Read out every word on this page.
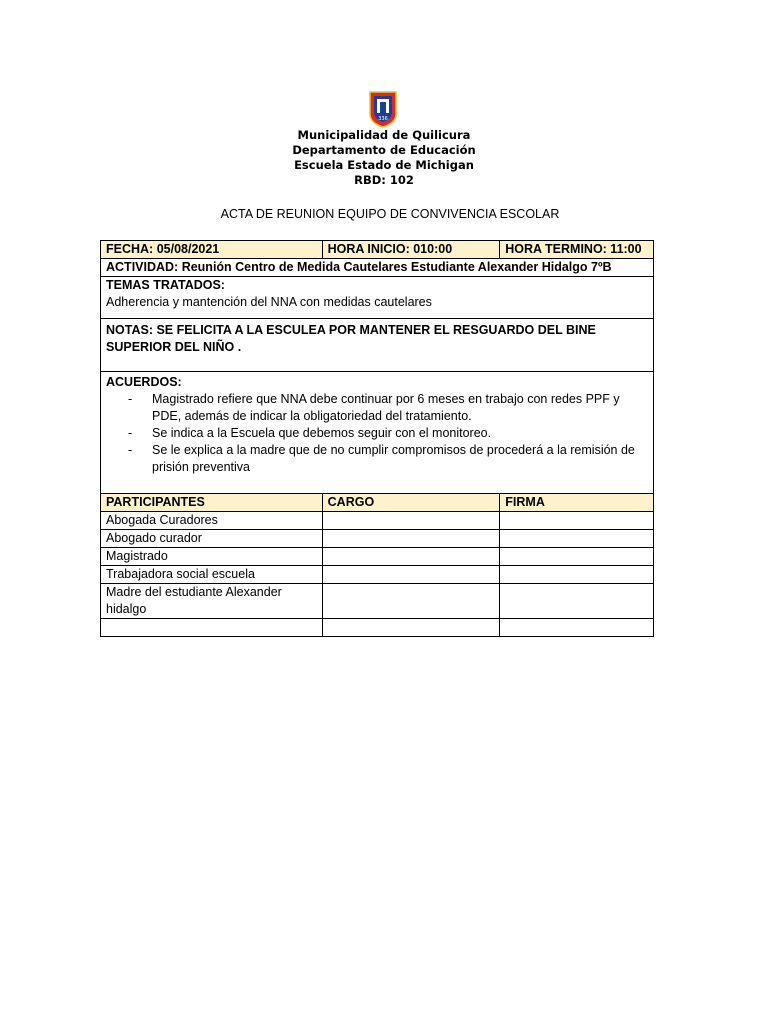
336
Municipalidad de Quilicura
Departamento de Educación
Escuela Estado de Michigan
RBD: 102
ACTA DE REUNION EQUIPO DE CONVIVENCIA ESCOLAR
FECHA: 05/08/2021	HORA INICIO: 010:00	HORA TERMINO: 11:00
ACTIVIDAD: Reunión Centro de Medida Cautelares Estudiante Alexander Hidalgo 7ºB

TEMAS TRATADOS:
Adherencia y mantención del NNA con medidas cautelares

NOTAS: SE FELICITA A LA ESCULEA POR MANTENER EL RESGUARDO DEL BINE SUPERIOR DEL NIÑO .

ACUERDOS:
- Magistrado refiere que NNA debe continuar por 6 meses en trabajo con redes PPF y PDE, además de indicar la obligatoriedad del tratamiento.
- Se indica a la Escuela que debemos seguir con el monitoreo.
- Se le explica a la madre que de no cumplir compromisos de procederá a la remisión de prisión preventiva
PARTICIPANTES	CARGO	FIRMA
Abogada Curadores		
Abogado curador		
Magistrado		
Trabajadora social escuela		
Madre del estudiante Alexander hidalgo		
